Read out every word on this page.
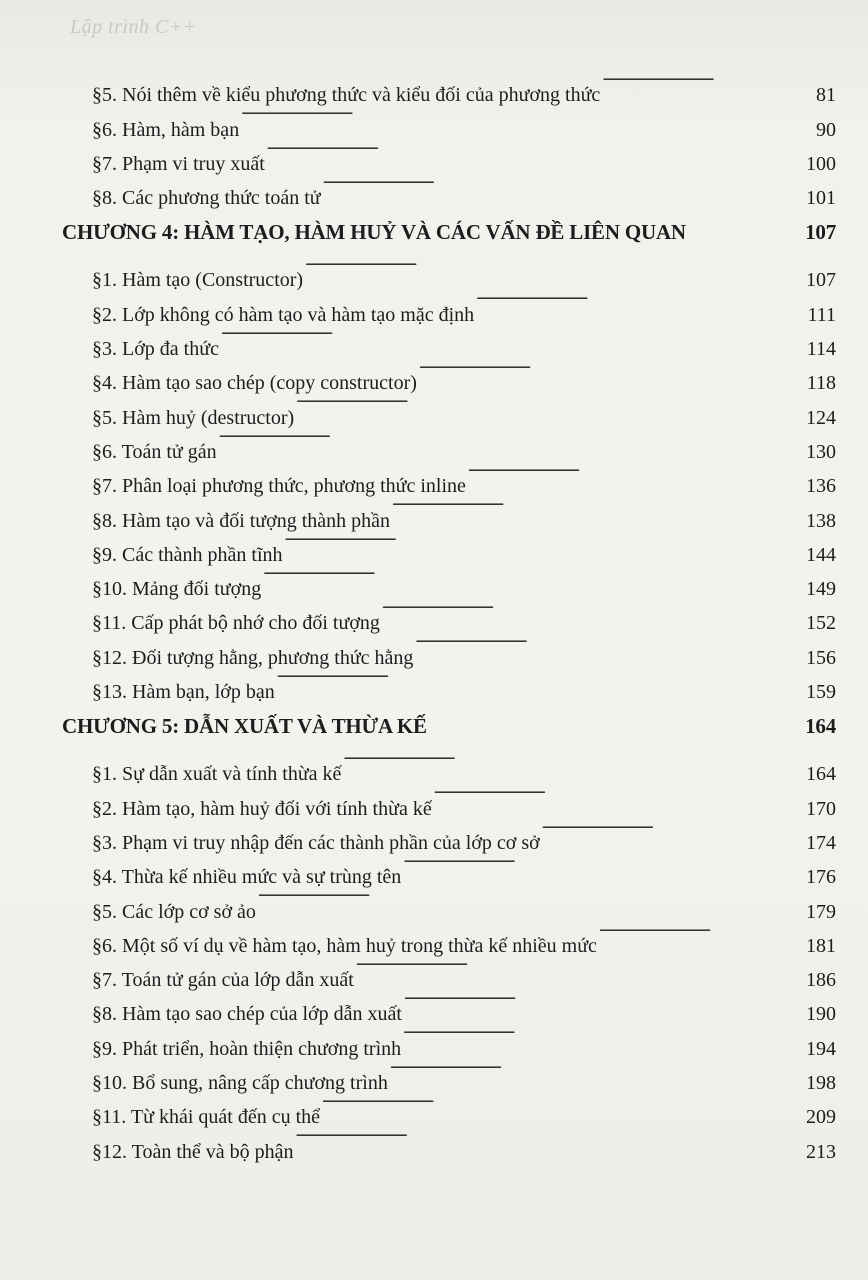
Lập trình C++
§5. Nói thêm về kiểu phương thức và kiểu đối của phương thức . . .	81
§6. Hàm, hàm bạn . . .	90
§7. Phạm vi truy xuất . . .	100
§8. Các phương thức toán tử . . .	101
CHƯƠNG 4: HÀM TẠO, HÀM HUỶ VÀ CÁC VẤN ĐỀ LIÊN QUAN	107
§1. Hàm tạo (Constructor) . . .	107
§2. Lớp không có hàm tạo và hàm tạo mặc định . . .	111
§3. Lớp đa thức . . .	114
§4. Hàm tạo sao chép (copy constructor) . . .	118
§5. Hàm huỷ (destructor) . . .	124
§6. Toán tử gán . . .	130
§7. Phân loại phương thức, phương thức inline . . .	136
§8. Hàm tạo và đối tượng thành phần . . .	138
§9. Các thành phần tĩnh . . .	144
§10. Mảng đối tượng . . .	149
§11. Cấp phát bộ nhớ cho đối tượng . . .	152
§12. Đối tượng hằng, phương thức hằng . . .	156
§13. Hàm bạn, lớp bạn . . .	159
CHƯƠNG 5: DẪN XUẤT VÀ THỪA KẾ	164
§1. Sự dẫn xuất và tính thừa kế . . .	164
§2. Hàm tạo, hàm huỷ đối với tính thừa kế . . .	170
§3. Phạm vi truy nhập đến các thành phần của lớp cơ sở . . .	174
§4. Thừa kế nhiều mức và sự trùng tên . . .	176
§5. Các lớp cơ sở ảo . . .	179
§6. Một số ví dụ về hàm tạo, hàm huỷ trong thừa kế nhiều mức . . .	181
§7. Toán tử gán của lớp dẫn xuất . . .	186
§8. Hàm tạo sao chép của lớp dẫn xuất . . .	190
§9. Phát triển, hoàn thiện chương trình . . .	194
§10. Bổ sung, nâng cấp chương trình . . .	198
§11. Từ khái quát đến cụ thể . . .	209
§12. Toàn thể và bộ phận . . .	213
